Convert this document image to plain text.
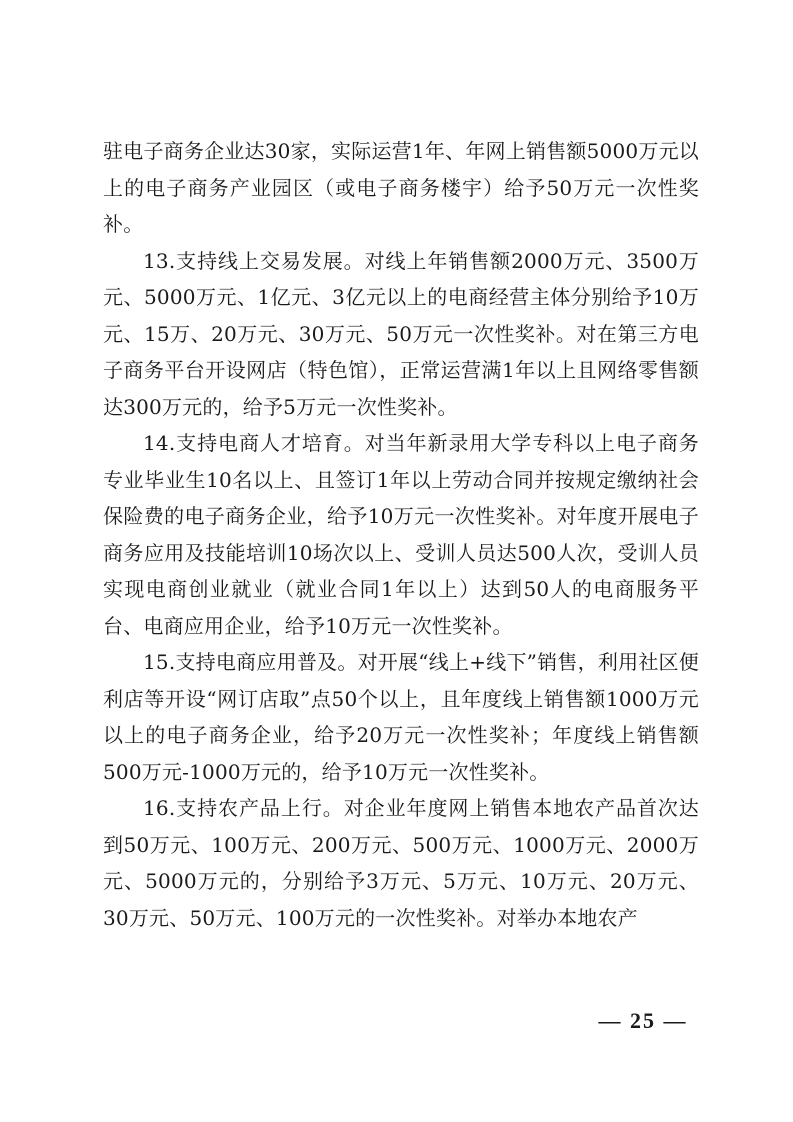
驻电子商务企业达30家，实际运营1年、年网上销售额5000万元以上的电子商务产业园区（或电子商务楼宇）给予50万元一次性奖补。

13.支持线上交易发展。对线上年销售额2000万元、3500万元、5000万元、1亿元、3亿元以上的电商经营主体分别给予10万元、15万、20万元、30万元、50万元一次性奖补。对在第三方电子商务平台开设网店（特色馆），正常运营满1年以上且网络零售额达300万元的，给予5万元一次性奖补。

14.支持电商人才培育。对当年新录用大学专科以上电子商务专业毕业生10名以上、且签订1年以上劳动合同并按规定缴纳社会保险费的电子商务企业，给予10万元一次性奖补。对年度开展电子商务应用及技能培训10场次以上、受训人员达500人次，受训人员实现电商创业就业（就业合同1年以上）达到50人的电商服务平台、电商应用企业，给予10万元一次性奖补。

15.支持电商应用普及。对开展“线上+线下”销售，利用社区便利店等开设“网订店取”点50个以上，且年度线上销售额1000万元以上的电子商务企业，给予20万元一次性奖补；年度线上销售额500万元-1000万元的，给予10万元一次性奖补。

16.支持农产品上行。对企业年度网上销售本地农产品首次达到50万元、100万元、200万元、500万元、1000万元、2000万元、5000万元的，分别给予3万元、5万元、10万元、20万元、30万元、50万元、100万元的一次性奖补。对举办本地农产

— 25 —
